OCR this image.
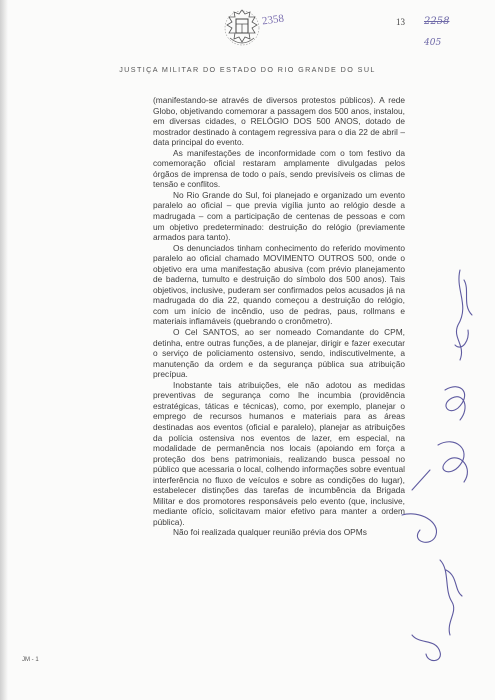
2358	13 2258
405
JUSTIÇA MILITAR DO ESTADO DO RIO GRANDE DO SUL

(manifestando-se através de diversos protestos públicos). A rede Globo, objetivando comemorar a passagem dos 500 anos, instalou, em diversas cidades, o RELÓGIO DOS 500 ANOS, dotado de mostrador destinado à contagem regressiva para o dia 22 de abril – data principal do evento.

As manifestações de inconformidade com o tom festivo da comemoração oficial restaram amplamente divulgadas pelos órgãos de imprensa de todo o país, sendo previsíveis os climas de tensão e conflitos.

No Rio Grande do Sul, foi planejado e organizado um evento paralelo ao oficial – que previa vigília junto ao relógio desde a madrugada – com a participação de centenas de pessoas e com um objetivo predeterminado: destruição do relógio (previamente armados para tanto).

Os denunciados tinham conhecimento do referido movimento paralelo ao oficial chamado MOVIMENTO OUTROS 500, onde o objetivo era uma manifestação abusiva (com prévio planejamento de baderna, tumulto e destruição do símbolo dos 500 anos). Tais objetivos, inclusive, puderam ser confirmados pelos acusados já na madrugada do dia 22, quando começou a destruição do relógio, com um início de incêndio, uso de pedras, paus, rollmans e materiais inflamáveis (quebrando o cronômetro).

O Cel SANTOS, ao ser nomeado Comandante do CPM, detinha, entre outras funções, a de planejar, dirigir e fazer executar o serviço de policiamento ostensivo, sendo, indiscutivelmente, a manutenção da ordem e da segurança pública sua atribuição precípua.

Inobstante tais atribuições, ele não adotou as medidas preventivas de segurança como lhe incumbia (providência estratégicas, táticas e técnicas), como, por exemplo, planejar o emprego de recursos humanos e materiais para as áreas destinadas aos eventos (oficial e paralelo), planejar as atribuições da polícia ostensiva nos eventos de lazer, em especial, na modalidade de permanência nos locais (apoiando em força a proteção dos bens patrimoniais, realizando busca pessoal no público que acessaria o local, colhendo informações sobre eventual interferência no fluxo de veículos e sobre as condições do lugar), estabelecer distinções das tarefas de incumbência da Brigada Militar e dos promotores responsáveis pelo evento (que, inclusive, mediante ofício, solicitavam maior efetivo para manter a ordem pública).

Não foi realizada qualquer reunião prévia dos OPMs

JM - 1
